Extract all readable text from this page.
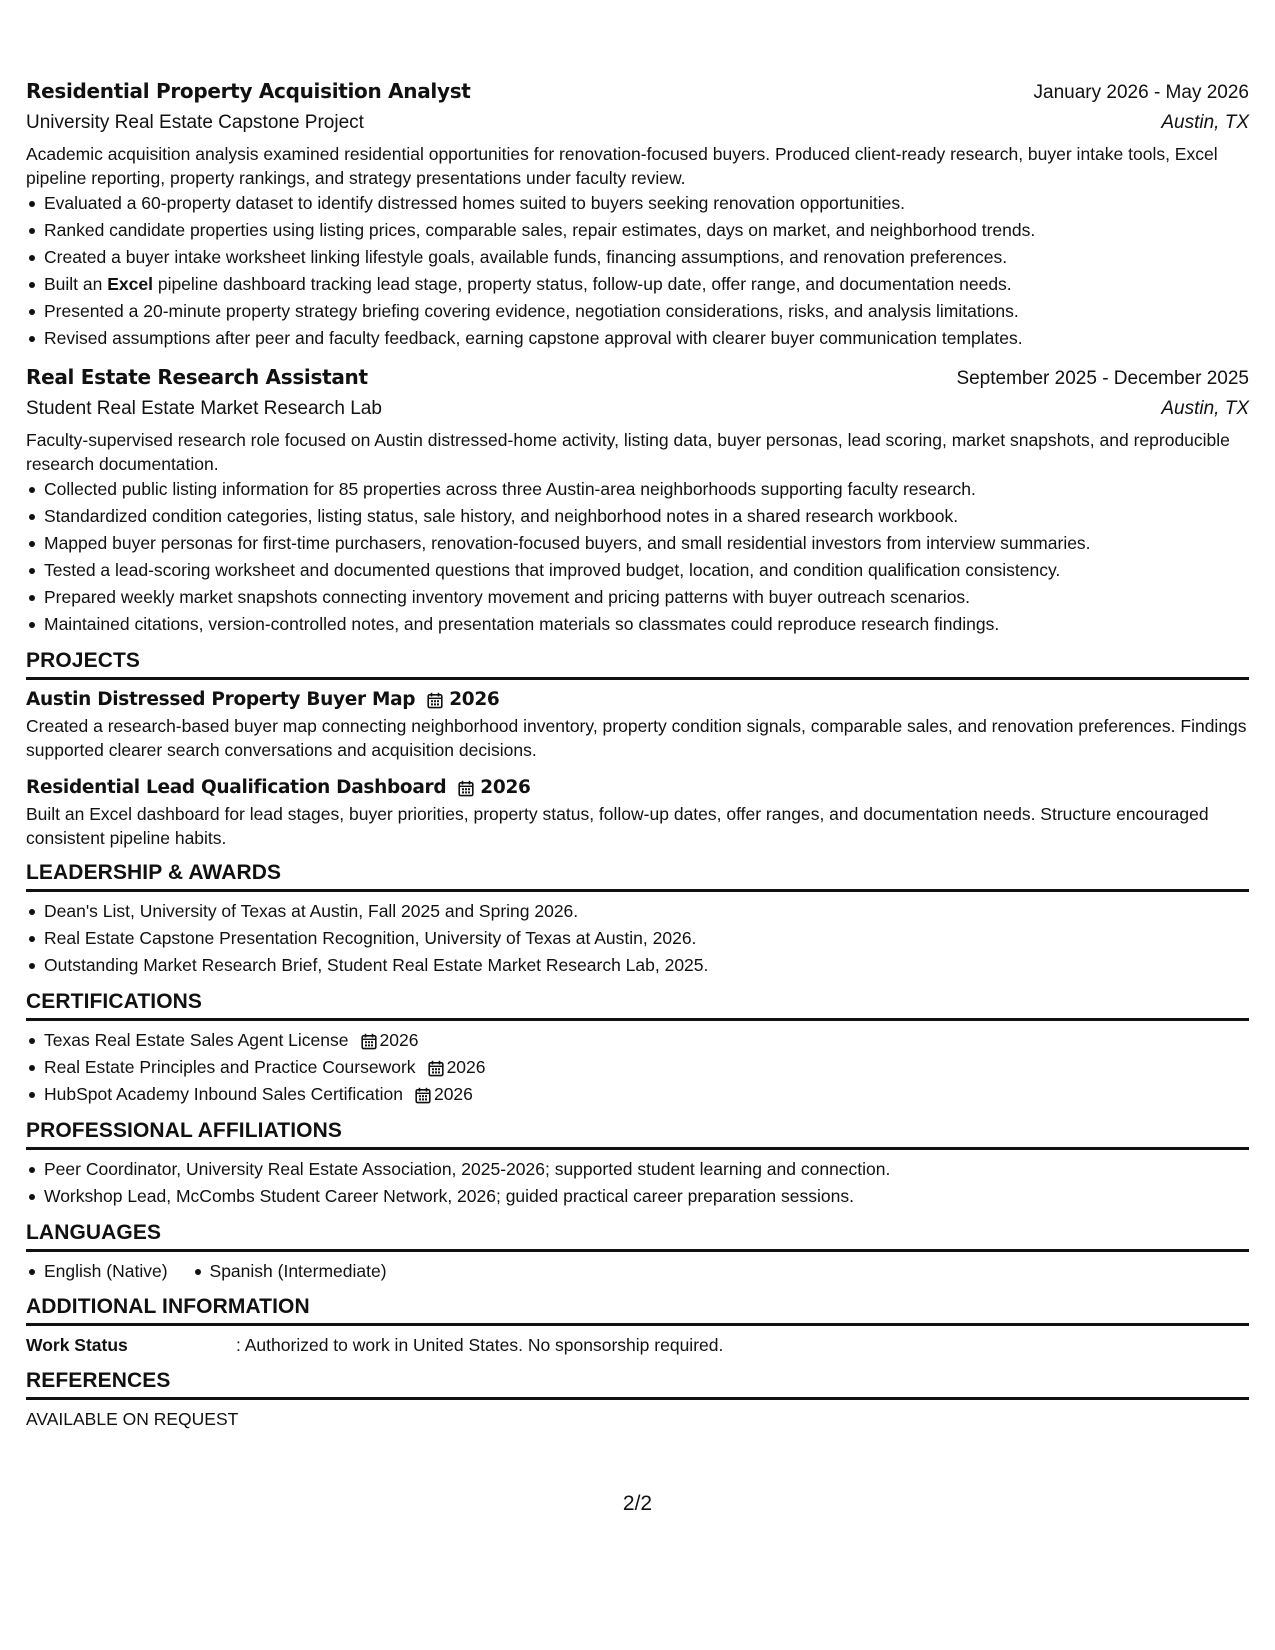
Residential Property Acquisition Analyst	January 2026 - May 2026
University Real Estate Capstone Project	Austin, TX

Academic acquisition analysis examined residential opportunities for renovation-focused buyers. Produced client-ready research, buyer intake tools, Excel pipeline reporting, property rankings, and strategy presentations under faculty review.

Evaluated a 60-property dataset to identify distressed homes suited to buyers seeking renovation opportunities.
Ranked candidate properties using listing prices, comparable sales, repair estimates, days on market, and neighborhood trends.
Created a buyer intake worksheet linking lifestyle goals, available funds, financing assumptions, and renovation preferences.
Built an Excel pipeline dashboard tracking lead stage, property status, follow-up date, offer range, and documentation needs.
Presented a 20-minute property strategy briefing covering evidence, negotiation considerations, risks, and analysis limitations.
Revised assumptions after peer and faculty feedback, earning capstone approval with clearer buyer communication templates.
Real Estate Research Assistant	September 2025 - December 2025
Student Real Estate Market Research Lab	Austin, TX

Faculty-supervised research role focused on Austin distressed-home activity, listing data, buyer personas, lead scoring, market snapshots, and reproducible research documentation.

Collected public listing information for 85 properties across three Austin-area neighborhoods supporting faculty research.
Standardized condition categories, listing status, sale history, and neighborhood notes in a shared research workbook.
Mapped buyer personas for first-time purchasers, renovation-focused buyers, and small residential investors from interview summaries.
Tested a lead-scoring worksheet and documented questions that improved budget, location, and condition qualification consistency.
Prepared weekly market snapshots connecting inventory movement and pricing patterns with buyer outreach scenarios.
Maintained citations, version-controlled notes, and presentation materials so classmates could reproduce research findings.
PROJECTS
Austin Distressed Property Buyer Map 2026

Created a research-based buyer map connecting neighborhood inventory, property condition signals, comparable sales, and renovation preferences. Findings supported clearer search conversations and acquisition decisions.

Residential Lead Qualification Dashboard 2026

Built an Excel dashboard for lead stages, buyer priorities, property status, follow-up dates, offer ranges, and documentation needs. Structure encouraged consistent pipeline habits.

LEADERSHIP & AWARDS
Dean's List, University of Texas at Austin, Fall 2025 and Spring 2026.
Real Estate Capstone Presentation Recognition, University of Texas at Austin, 2026.
Outstanding Market Research Brief, Student Real Estate Market Research Lab, 2025.
CERTIFICATIONS
Texas Real Estate Sales Agent License 2026
Real Estate Principles and Practice Coursework 2026
HubSpot Academy Inbound Sales Certification 2026
PROFESSIONAL AFFILIATIONS
Peer Coordinator, University Real Estate Association, 2025-2026; supported student learning and connection.
Workshop Lead, McCombs Student Career Network, 2026; guided practical career preparation sessions.
LANGUAGES
English (Native)	Spanish (Intermediate)
ADDITIONAL INFORMATION
Work Status	: Authorized to work in United States. No sponsorship required.
REFERENCES

AVAILABLE ON REQUEST

2/2
